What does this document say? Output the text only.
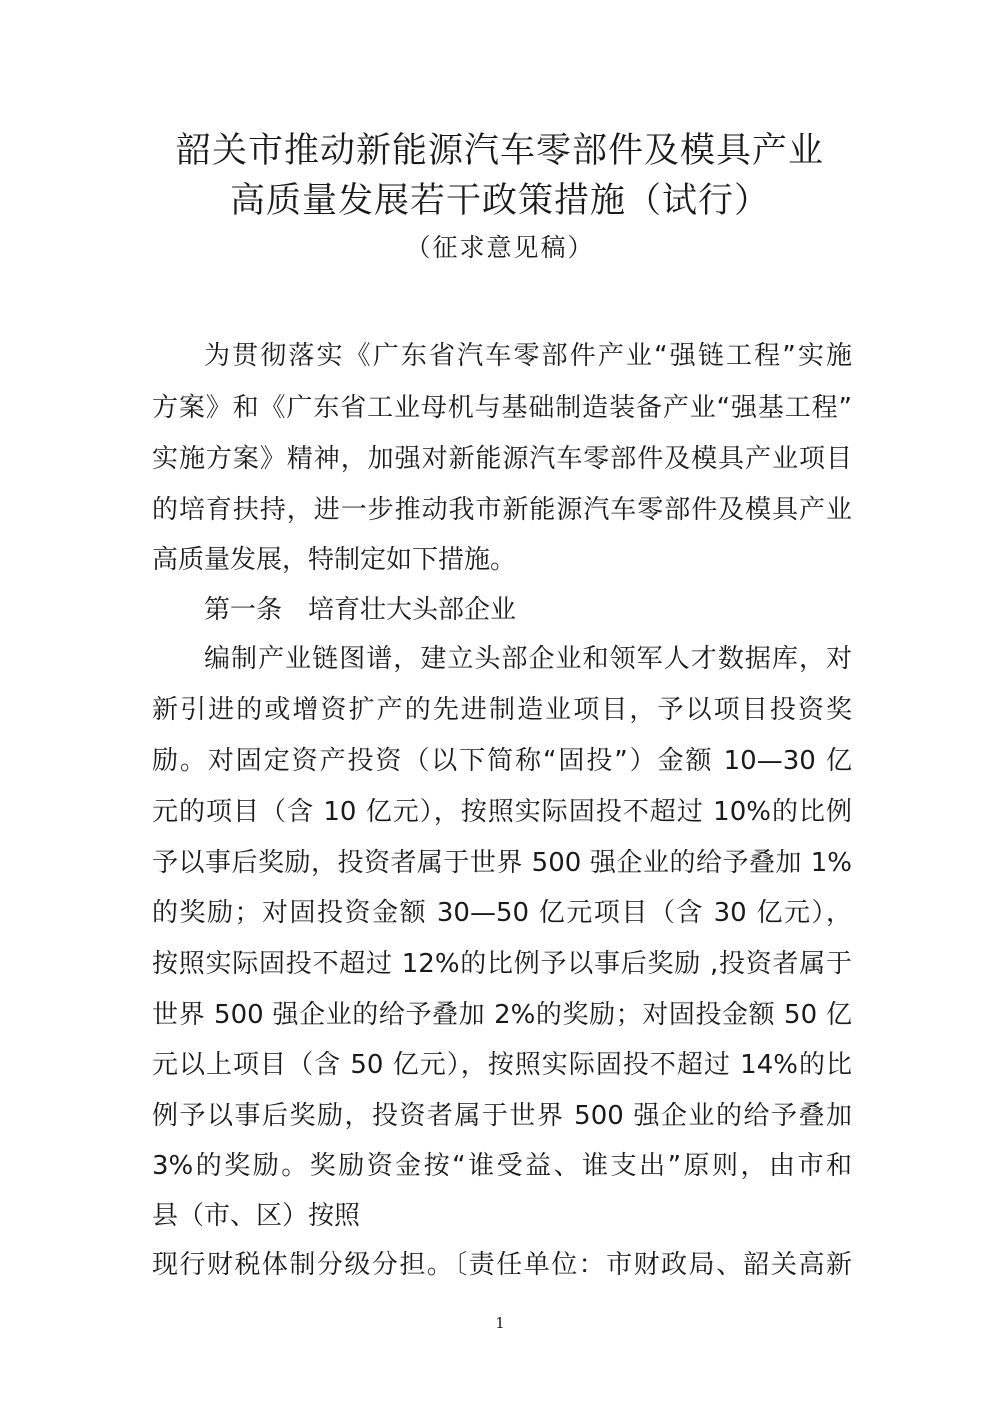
韶关市推动新能源汽车零部件及模具产业
高质量发展若干政策措施（试行）
（征求意见稿）
为贯彻落实《广东省汽车零部件产业“强链工程”实施
方案》和《广东省工业母机与基础制造装备产业“强基工程”
实施方案》精神，加强对新能源汽车零部件及模具产业项目
的培育扶持，进一步推动我市新能源汽车零部件及模具产业
高质量发展，特制定如下措施。
第一条 培育壮大头部企业
编制产业链图谱，建立头部企业和领军人才数据库，对
新引进的或增资扩产的先进制造业项目，予以项目投资奖
励。对固定资产投资（以下简称“固投”）金额 10—30 亿
元的项目（含 10 亿元），按照实际固投不超过 10%的比例
予以事后奖励，投资者属于世界 500 强企业的给予叠加 1%
的奖励；对固投资金额 30—50 亿元项目（含 30 亿元），
按照实际固投不超过 12%的比例予以事后奖励 ,投资者属于
世界 500 强企业的给予叠加 2%的奖励；对固投金额 50 亿
元以上项目（含 50 亿元），按照实际固投不超过 14%的比
例予以事后奖励，投资者属于世界 500 强企业的给予叠加
3%的奖励。奖励资金按“谁受益、谁支出”原则，由市和
县（市、区）按照
现行财税体制分级分担。〔责任单位：市财政局、韶关高新
1
